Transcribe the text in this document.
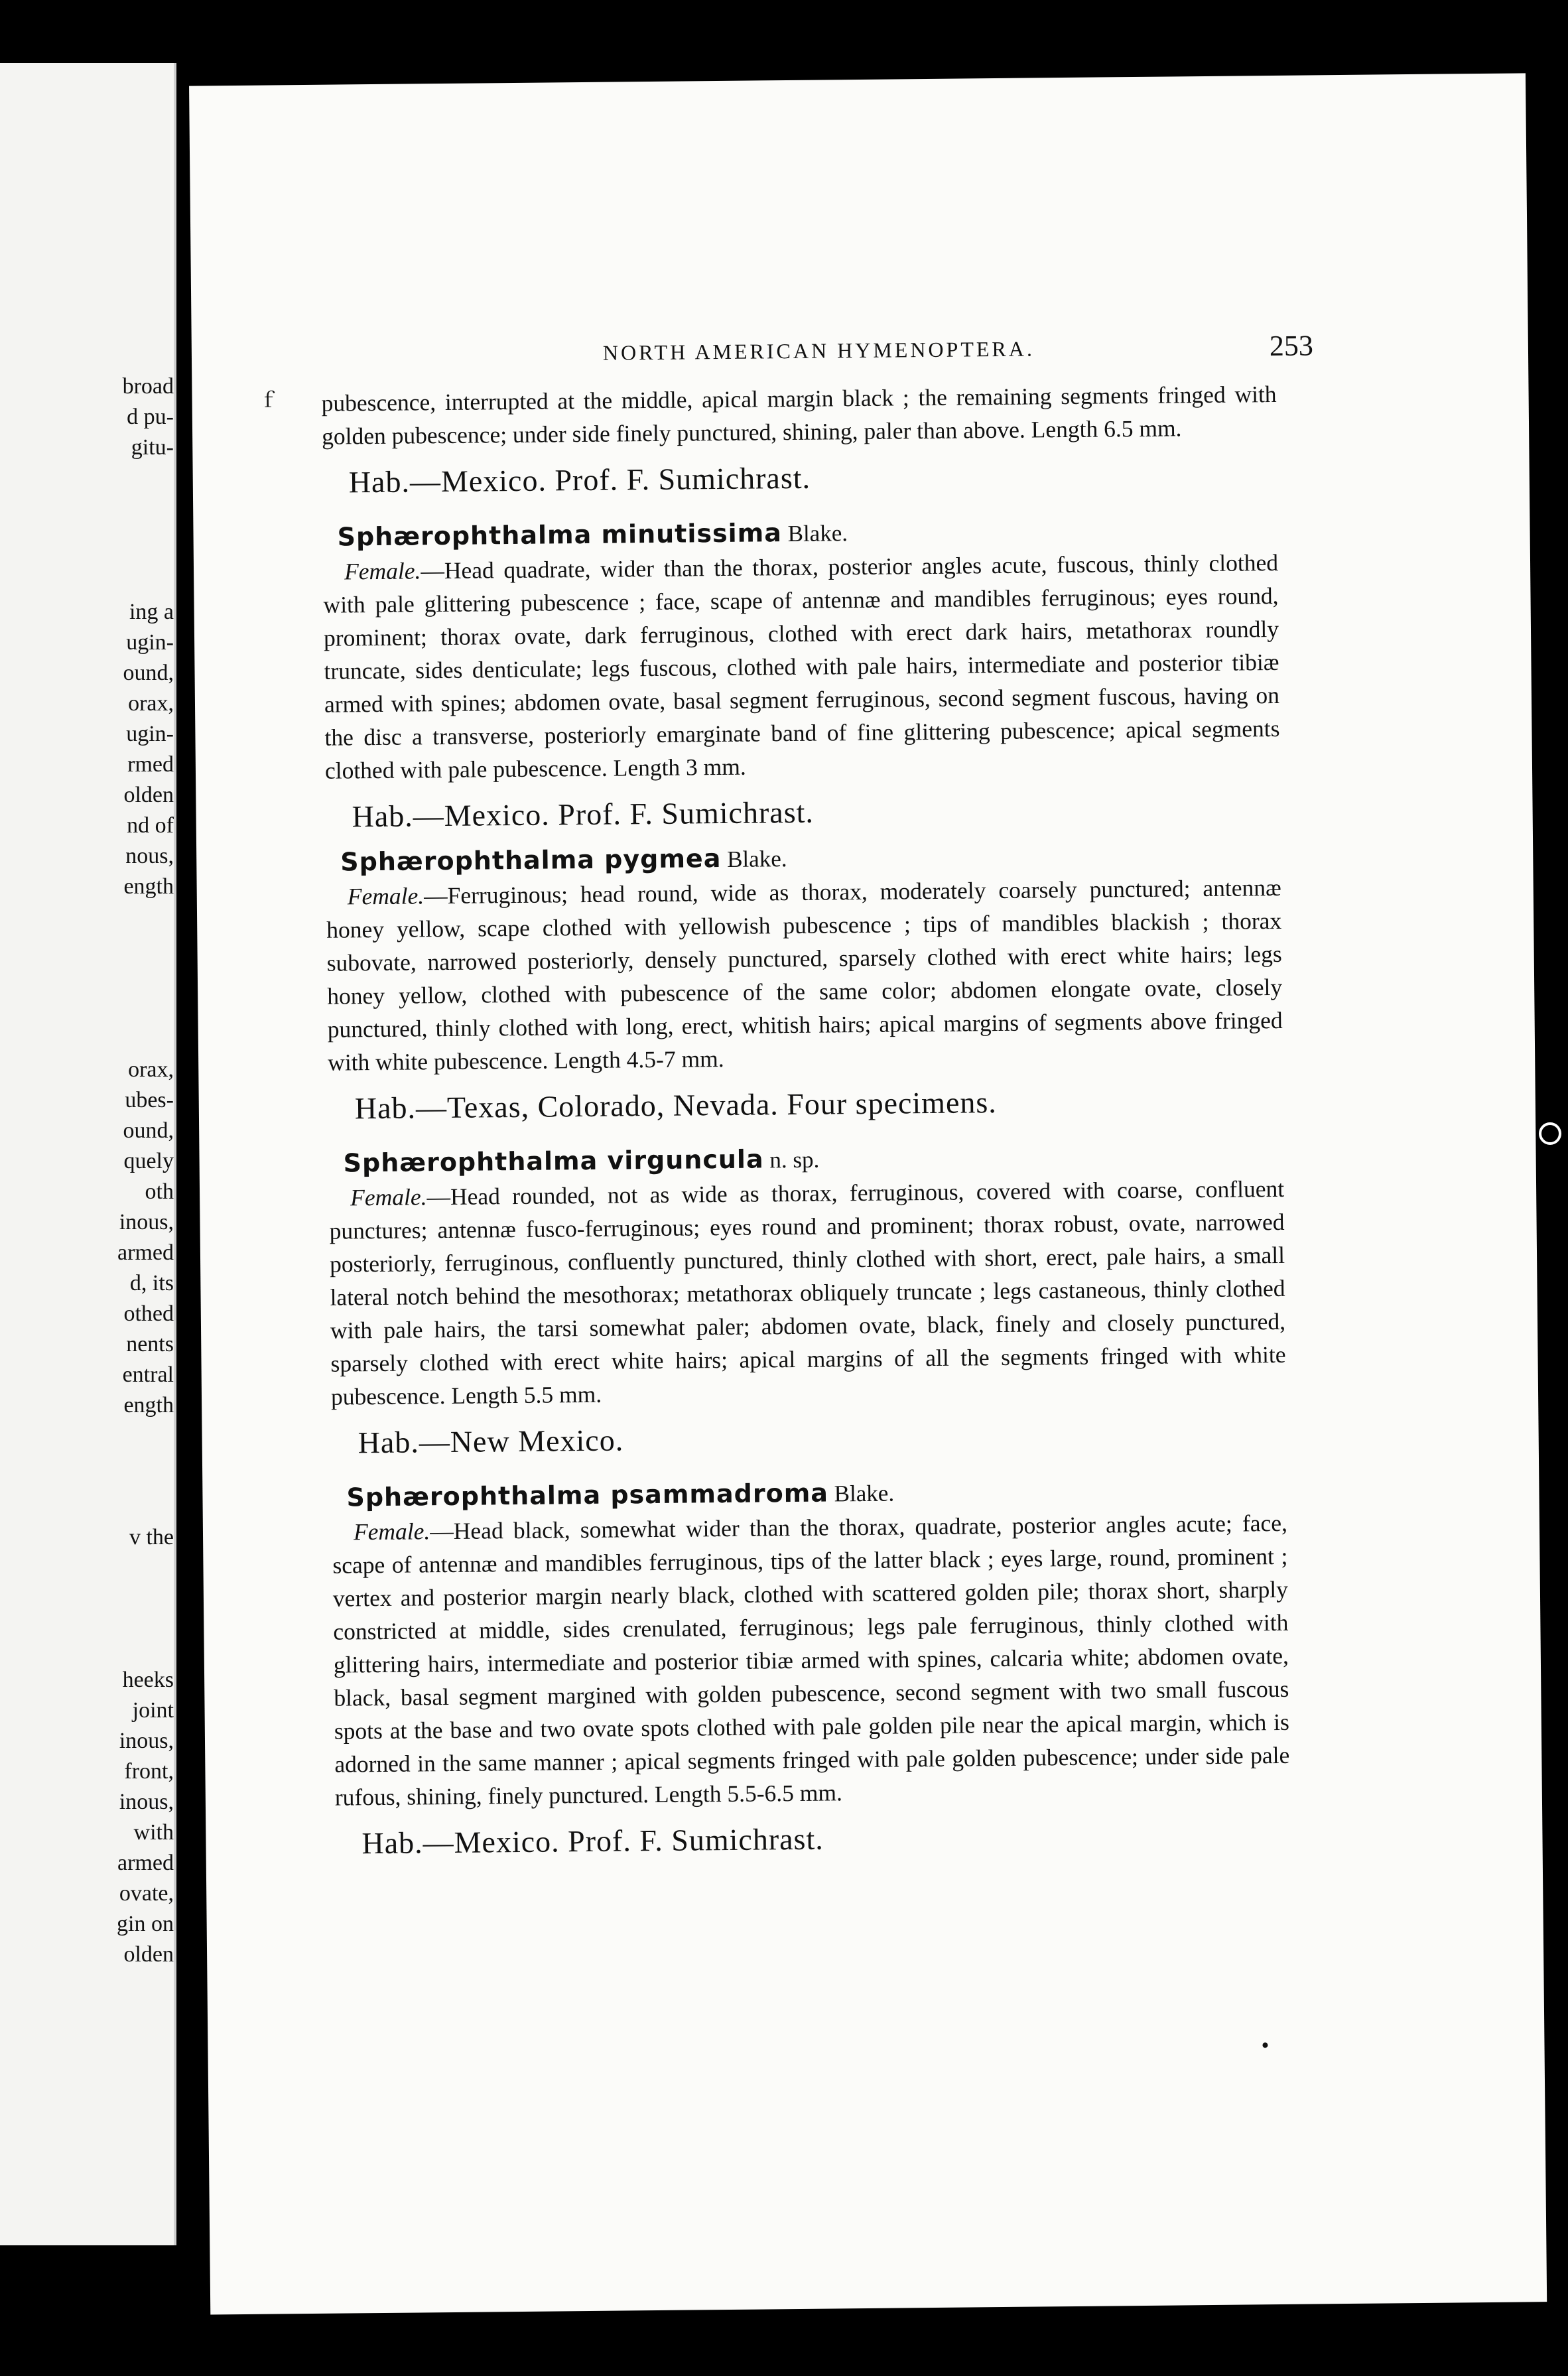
broad
d pu-
gitu-
ing a
ugin-
ound,
orax,
ugin-
rmed
olden
nd of
nous,
ength
orax,
ubes-
ound,
quely
oth
inous,
armed
d, its
othed
nents
entral
ength
v the
heeks
joint
inous,
front,
inous,
with
armed
ovate,
gin on
olden
ｆ
NORTH AMERICAN HYMENOPTERA.	253

pubescence, interrupted at the middle, apical margin black ; the remaining segments fringed with golden pubescence; under side finely punctured, shining, paler than above. Length 6.5 mm.

Hab.—Mexico. Prof. F. Sumichrast.
Sphærophthalma minutissima Blake.

Female.—Head quadrate, wider than the thorax, posterior angles acute, fuscous, thinly clothed with pale glittering pubescence ; face, scape of antennæ and mandibles ferruginous; eyes round, prominent; thorax ovate, dark ferruginous, clothed with erect dark hairs, metathorax roundly truncate, sides denticulate; legs fuscous, clothed with pale hairs, intermediate and posterior tibiæ armed with spines; abdomen ovate, basal segment ferruginous, second segment fuscous, having on the disc a transverse, posteriorly emarginate band of fine glittering pubescence; apical segments clothed with pale pubescence. Length 3 mm.

Hab.—Mexico. Prof. F. Sumichrast.
Sphærophthalma pygmea Blake.

Female.—Ferruginous; head round, wide as thorax, moderately coarsely punctured; antennæ honey yellow, scape clothed with yellowish pubescence ; tips of mandibles blackish ; thorax subovate, narrowed posteriorly, densely punctured, sparsely clothed with erect white hairs; legs honey yellow, clothed with pubescence of the same color; abdomen elongate ovate, closely punctured, thinly clothed with long, erect, whitish hairs; apical margins of segments above fringed with white pubescence. Length 4.5-7 mm.

Hab.—Texas, Colorado, Nevada. Four specimens.
Sphærophthalma virguncula n. sp.

Female.—Head rounded, not as wide as thorax, ferruginous, covered with coarse, confluent punctures; antennæ fusco-ferruginous; eyes round and prominent; thorax robust, ovate, narrowed posteriorly, ferruginous, confluently punctured, thinly clothed with short, erect, pale hairs, a small lateral notch behind the mesothorax; metathorax obliquely truncate ; legs castaneous, thinly clothed with pale hairs, the tarsi somewhat paler; abdomen ovate, black, finely and closely punctured, sparsely clothed with erect white hairs; apical margins of all the segments fringed with white pubescence. Length 5.5 mm.

Hab.—New Mexico.
Sphærophthalma psammadroma Blake.

Female.—Head black, somewhat wider than the thorax, quadrate, posterior angles acute; face, scape of antennæ and mandibles ferruginous, tips of the latter black ; eyes large, round, prominent ; vertex and posterior margin nearly black, clothed with scattered golden pile; thorax short, sharply constricted at middle, sides crenulated, ferruginous; legs pale ferruginous, thinly clothed with glittering hairs, intermediate and posterior tibiæ armed with spines, calcaria white; abdomen ovate, black, basal segment margined with golden pubescence, second segment with two small fuscous spots at the base and two ovate spots clothed with pale golden pile near the apical margin, which is adorned in the same manner ; apical segments fringed with pale golden pubescence; under side pale rufous, shining, finely punctured. Length 5.5-6.5 mm.

Hab.—Mexico. Prof. F. Sumichrast.
